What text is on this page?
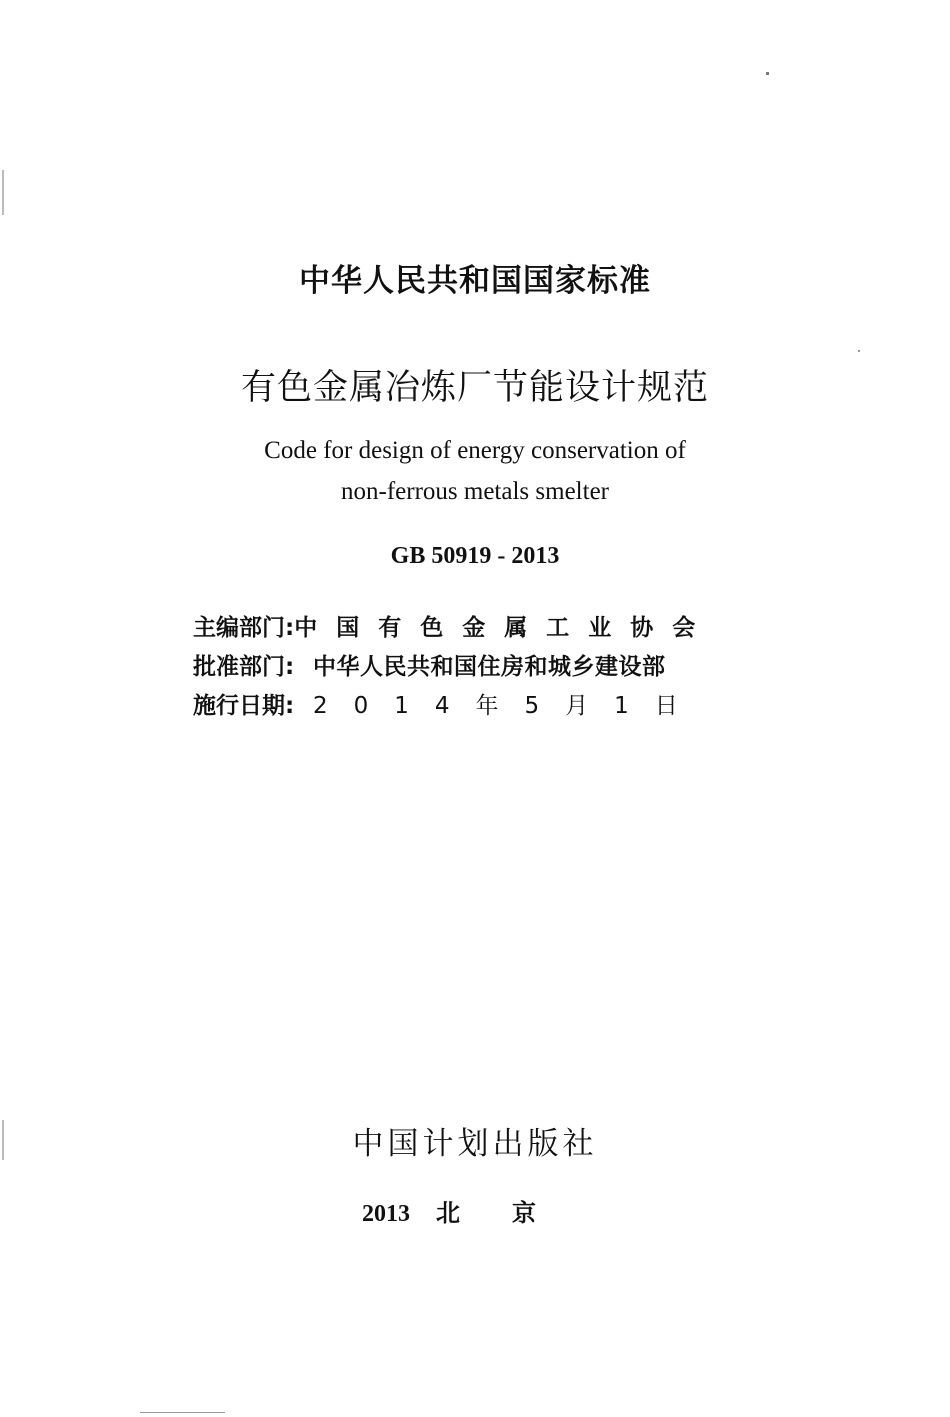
中华人民共和国国家标准
有色金属冶炼厂节能设计规范
Code for design of energy conservation of
non-ferrous metals smelter
GB 50919 - 2013
主编部门: 中国有色金属工业协会
批准部门: 中华人民共和国住房和城乡建设部
施行日期: 2014年5月1日
中国计划出版社
2013 北京
